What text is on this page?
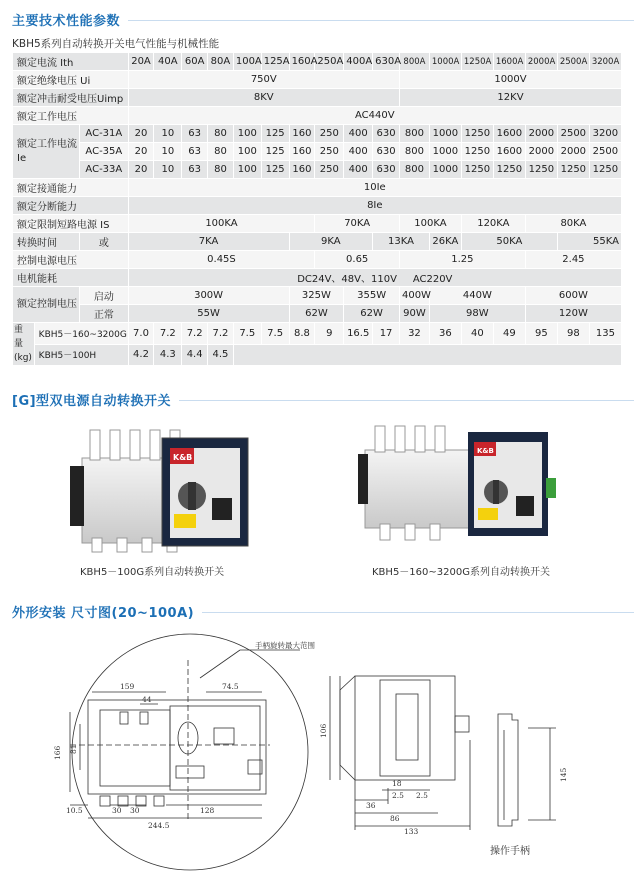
主要技术性能参数
KBH5系列自动转换开关电气性能与机械性能
额定电流 Ith			20A	40A	60A	80A	100A	125A	160A	250A	400A	630A	800A	1000A	1250A	1600A	2000A	2500A	3200A
额定绝缘电压 Ui			750V										1000V						
额定冲击耐受电压Uimp			8KV										12KV						
额定工作电压			AC440V																
额定工作电流 Ie		AC-31A	20	10	63	80	100	125	160	250	400	630	800	1000	1250	1600	2000	2500	3200
		AC-35A	20	10	63	80	100	125	160	250	400	630	800	1000	1250	1600	2000	2000	2500
		AC-33A	20	10	63	80	100	125	160	250	400	630	800	1000	1250	1250	1250	1250	1250
额定接通能力			10Ie																
额定分断能力			8Ie																
额定限制短路电源 IS			100KA							70KA			100KA		120KA		80KA		
转换时间		或	7KA						9KA			13KA		26KA	50KA			55KA	
控制电源电压			0.45S							0.65			1.25				2.45		
电机能耗			DC24V、48V、110V     AC220V																
额定控制电压		启动	300W						325W		355W		400W	440W			600W		
		正常	55W						62W		62W		90W	98W			120W		
重量(kg)	KBH5－160~3200G		7.0	7.2	7.2	7.2	7.5	7.5	8.8	9	16.5	17	32	36	40	49	95	98	135
	KBH5－100H		4.2	4.3	4.4	4.5													
[G]型双电源自动转换开关
K&B
KBH5－100G系列自动转换开关
K&B
KBH5－160~3200G系列自动转换开关
外形安装 尺寸图(20~100A)
手柄旋转最大范围
159	74.5
44
166 81
10.5	30 30	128
244.5
106
18
2.5 2.5
36
86
133
145
操作手柄
